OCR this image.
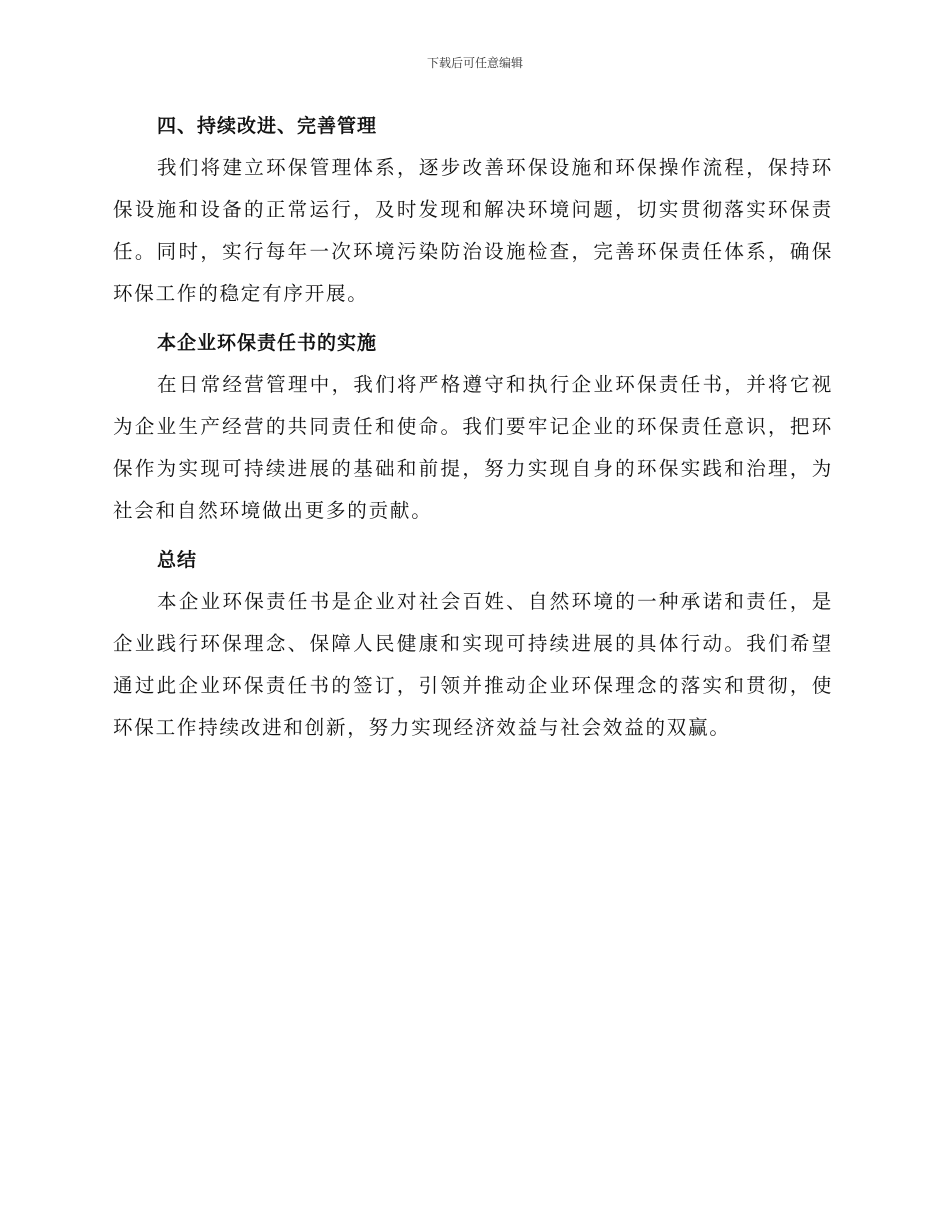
下载后可任意编辑
四、持续改进、完善管理

我们将建立环保管理体系，逐步改善环保设施和环保操作流程，保持环保设施和设备的正常运行，及时发现和解决环境问题，切实贯彻落实环保责任。同时，实行每年一次环境污染防治设施检查，完善环保责任体系，确保环保工作的稳定有序开展。

本企业环保责任书的实施

在日常经营管理中，我们将严格遵守和执行企业环保责任书，并将它视为企业生产经营的共同责任和使命。我们要牢记企业的环保责任意识，把环保作为实现可持续进展的基础和前提，努力实现自身的环保实践和治理，为社会和自然环境做出更多的贡献。

总结

本企业环保责任书是企业对社会百姓、自然环境的一种承诺和责任，是企业践行环保理念、保障人民健康和实现可持续进展的具体行动。我们希望通过此企业环保责任书的签订，引领并推动企业环保理念的落实和贯彻，使环保工作持续改进和创新，努力实现经济效益与社会效益的双赢。
